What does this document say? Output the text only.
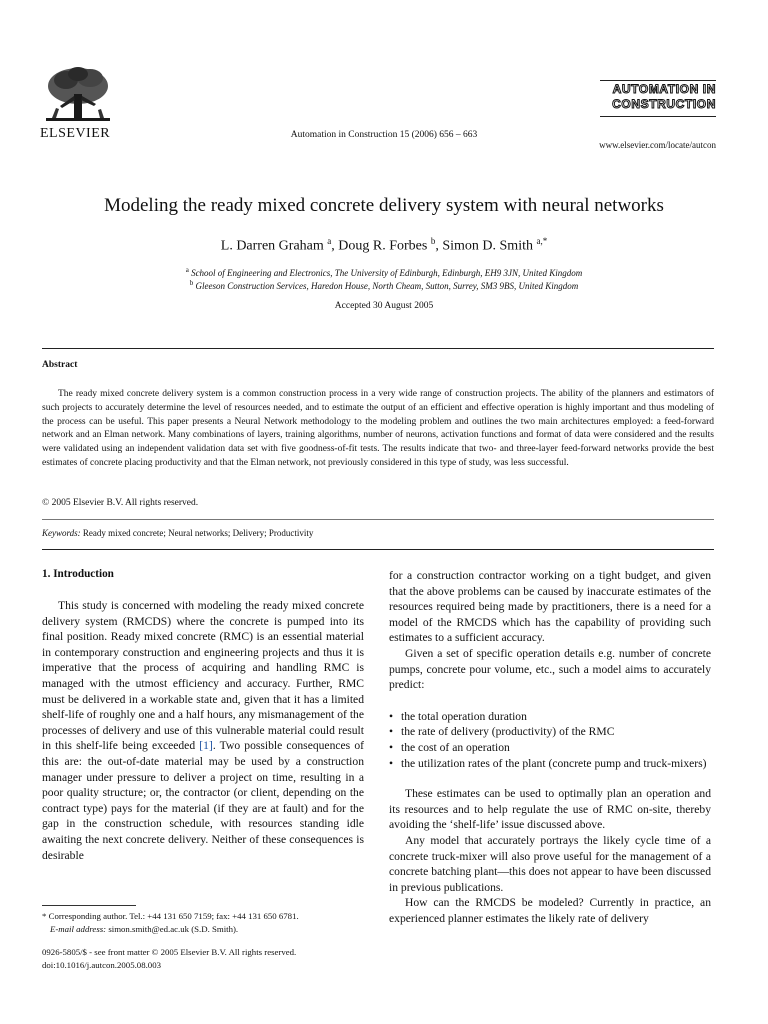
ELSEVIER	Automation in Construction 15 (2006) 656 – 663
AUTOMATION IN
CONSTRUCTION
www.elsevier.com/locate/autcon
Modeling the ready mixed concrete delivery system with neural networks
L. Darren Graham $^a$, Doug R. Forbes $^b$, Simon D. Smith $^{a,*}$
$^a$ School of Engineering and Electronics, The University of Edinburgh, Edinburgh, EH9 3JN, United Kingdom
$^b$ Gleeson Construction Services, Haredon House, North Cheam, Sutton, Surrey, SM3 9BS, United Kingdom
Accepted 30 August 2005
Abstract

The ready mixed concrete delivery system is a common construction process in a very wide range of construction projects. The ability of the planners and estimators of such projects to accurately determine the level of resources needed, and to estimate the output of an efficient and effective operation is highly important and thus modeling of the process can be useful. This paper presents a Neural Network methodology to the modeling problem and outlines the two main architectures employed: a feed-forward network and an Elman network. Many combinations of layers, training algorithms, number of neurons, activation functions and format of data were considered and the results were validated using an independent validation data set with five goodness-of-fit tests. The results indicate that two- and three-layer feed-forward networks provide the best estimates of concrete placing productivity and that the Elman network, not previously considered in this type of study, was less successful.

© 2005 Elsevier B.V. All rights reserved.
Keywords: Ready mixed concrete; Neural networks; Delivery; Productivity
1. Introduction

This study is concerned with modeling the ready mixed concrete delivery system (RMCDS) where the concrete is pumped into its final position. Ready mixed concrete (RMC) is an essential material in contemporary construction and engineering projects and thus it is imperative that the process of acquiring and handling RMC is managed with the utmost efficiency and accuracy. Further, RMC must be delivered in a workable state and, given that it has a limited shelf-life of roughly one and a half hours, any mismanagement of the processes of delivery and use of this vulnerable material could result in this shelf-life being exceeded [1]. Two possible consequences of this are: the out-of-date material may be used by a construction manager under pressure to deliver a project on time, resulting in a poor quality structure; or, the contractor (or client, depending on the contract type) pays for the material (if they are at fault) and for the gap in the construction schedule, with resources standing idle awaiting the next concrete delivery. Neither of these consequences is desirable

for a construction contractor working on a tight budget, and given that the above problems can be caused by inaccurate estimates of the resources required being made by practitioners, there is a need for a model of the RMCDS which has the capability of providing such estimates to a sufficient accuracy.

Given a set of specific operation details e.g. number of concrete pumps, concrete pour volume, etc., such a model aims to accurately predict:

• the total operation duration
• the rate of delivery (productivity) of the RMC
• the cost of an operation
• the utilization rates of the plant (concrete pump and truck-mixers)

These estimates can be used to optimally plan an operation and its resources and to help regulate the use of RMC on-site, thereby avoiding the ‘shelf-life’ issue discussed above.

Any model that accurately portrays the likely cycle time of a concrete truck-mixer will also prove useful for the management of a concrete batching plant—this does not appear to have been discussed in previous publications.

How can the RMCDS be modeled? Currently in practice, an experienced planner estimates the likely rate of delivery

* Corresponding author. Tel.: +44 131 650 7159; fax: +44 131 650 6781.
E-mail address: simon.smith@ed.ac.uk (S.D. Smith).
0926-5805/$ - see front matter © 2005 Elsevier B.V. All rights reserved.
doi:10.1016/j.autcon.2005.08.003
